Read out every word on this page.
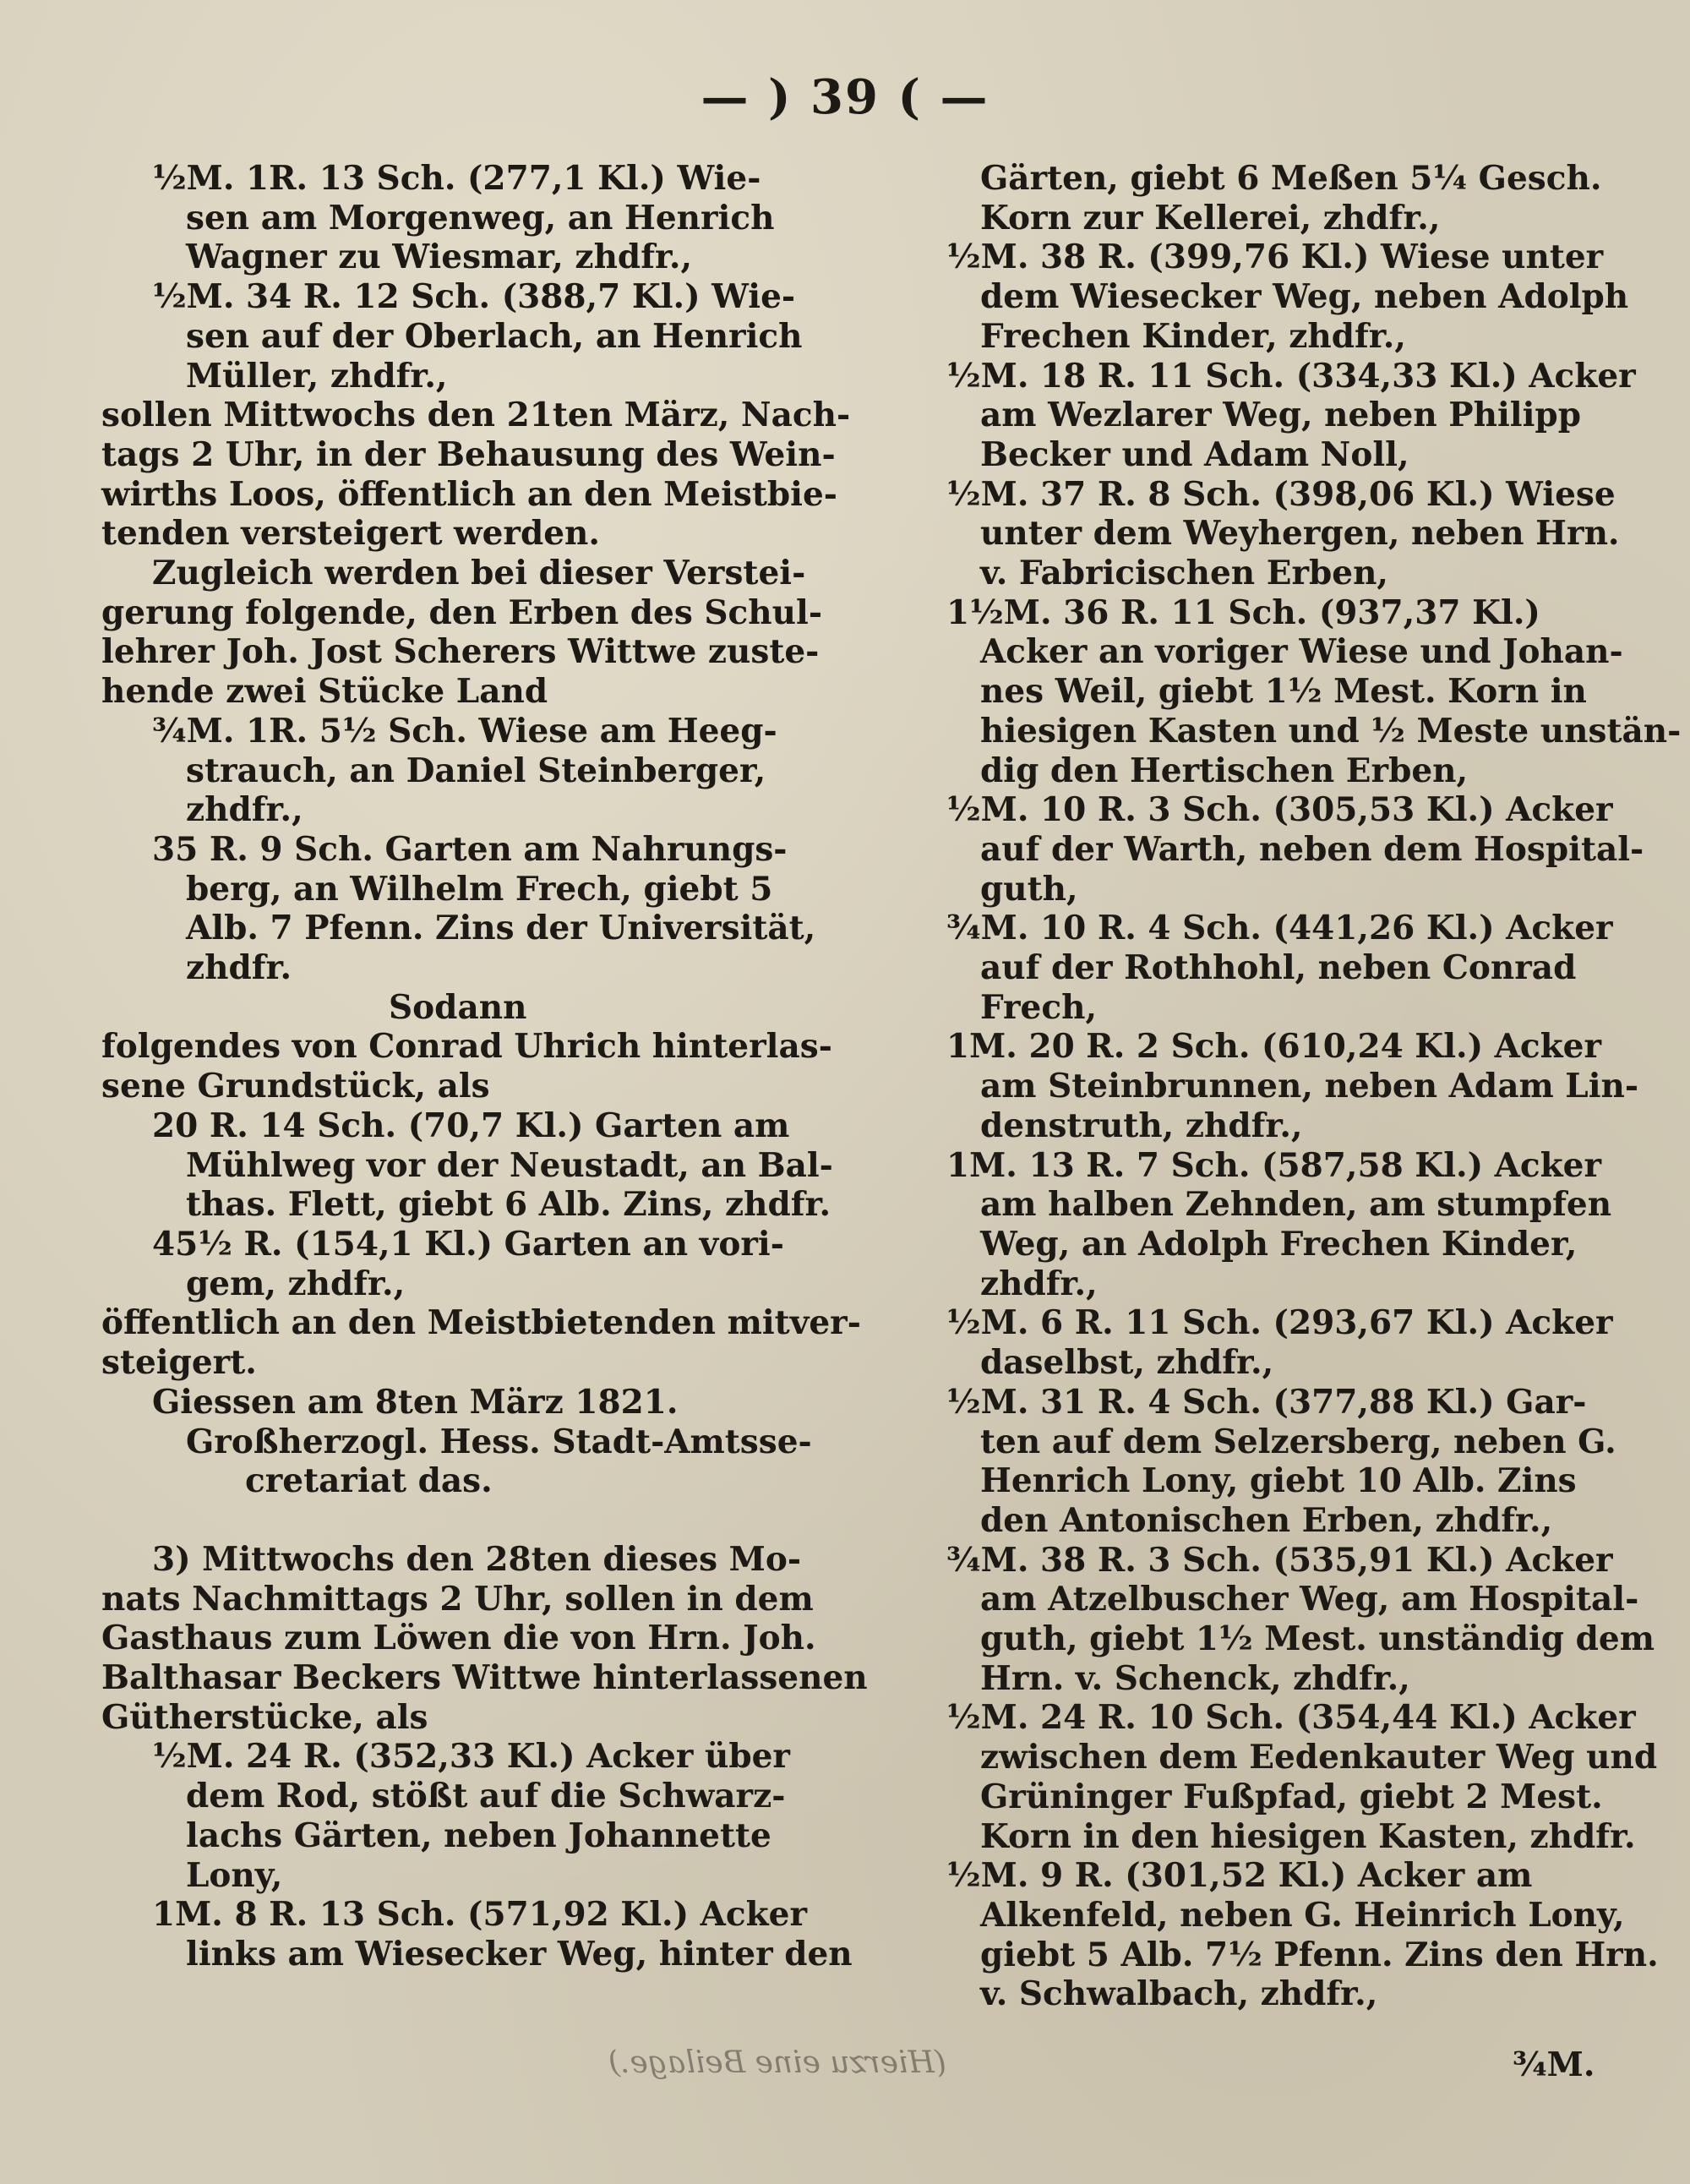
— ) 39 ( —
½M. 1R. 13 Sch. (277,1 Kl.) Wie-
sen am Morgenweg, an Henrich
Wagner zu Wiesmar, zhdfr.,
½M. 34 R. 12 Sch. (388,7 Kl.) Wie-
sen auf der Oberlach, an Henrich
Müller, zhdfr.,
sollen Mittwochs den 21ten März, Nach-
tags 2 Uhr, in der Behausung des Wein-
wirths Loos, öffentlich an den Meistbie-
tenden versteigert werden.
Zugleich werden bei dieser Verstei-
gerung folgende, den Erben des Schul-
lehrer Joh. Jost Scherers Wittwe zuste-
hende zwei Stücke Land
¾M. 1R. 5½ Sch. Wiese am Heeg-
strauch, an Daniel Steinberger,
zhdfr.,
35 R. 9 Sch. Garten am Nahrungs-
berg, an Wilhelm Frech, giebt 5
Alb. 7 Pfenn. Zins der Universität,
zhdfr.
Sodann
folgendes von Conrad Uhrich hinterlas-
sene Grundstück, als
20 R. 14 Sch. (70,7 Kl.) Garten am
Mühlweg vor der Neustadt, an Bal-
thas. Flett, giebt 6 Alb. Zins, zhdfr.
45½ R. (154,1 Kl.) Garten an vori-
gem, zhdfr.,
öffentlich an den Meistbietenden mitver-
steigert.
Giessen am 8ten März 1821.
Großherzogl. Hess. Stadt-Amtsse-
cretariat das.
3) Mittwochs den 28ten dieses Mo-
nats Nachmittags 2 Uhr, sollen in dem
Gasthaus zum Löwen die von Hrn. Joh.
Balthasar Beckers Wittwe hinterlassenen
Gütherstücke, als
½M. 24 R. (352,33 Kl.) Acker über
dem Rod, stößt auf die Schwarz-
lachs Gärten, neben Johannette
Lony,
1M. 8 R. 13 Sch. (571,92 Kl.) Acker
links am Wiesecker Weg, hinter den
Gärten, giebt 6 Meßen 5¼ Gesch.
Korn zur Kellerei, zhdfr.,
½M. 38 R. (399,76 Kl.) Wiese unter
dem Wiesecker Weg, neben Adolph
Frechen Kinder, zhdfr.,
½M. 18 R. 11 Sch. (334,33 Kl.) Acker
am Wezlarer Weg, neben Philipp
Becker und Adam Noll,
½M. 37 R. 8 Sch. (398,06 Kl.) Wiese
unter dem Weyhergen, neben Hrn.
v. Fabricischen Erben,
1½M. 36 R. 11 Sch. (937,37 Kl.)
Acker an voriger Wiese und Johan-
nes Weil, giebt 1½ Mest. Korn in
hiesigen Kasten und ½ Meste unstän-
dig den Hertischen Erben,
½M. 10 R. 3 Sch. (305,53 Kl.) Acker
auf der Warth, neben dem Hospital-
guth,
¾M. 10 R. 4 Sch. (441,26 Kl.) Acker
auf der Rothhohl, neben Conrad
Frech,
1M. 20 R. 2 Sch. (610,24 Kl.) Acker
am Steinbrunnen, neben Adam Lin-
denstruth, zhdfr.,
1M. 13 R. 7 Sch. (587,58 Kl.) Acker
am halben Zehnden, am stumpfen
Weg, an Adolph Frechen Kinder,
zhdfr.,
½M. 6 R. 11 Sch. (293,67 Kl.) Acker
daselbst, zhdfr.,
½M. 31 R. 4 Sch. (377,88 Kl.) Gar-
ten auf dem Selzersberg, neben G.
Henrich Lony, giebt 10 Alb. Zins
den Antonischen Erben, zhdfr.,
¾M. 38 R. 3 Sch. (535,91 Kl.) Acker
am Atzelbuscher Weg, am Hospital-
guth, giebt 1½ Mest. unständig dem
Hrn. v. Schenck, zhdfr.,
½M. 24 R. 10 Sch. (354,44 Kl.) Acker
zwischen dem Eedenkauter Weg und
Grüninger Fußpfad, giebt 2 Mest.
Korn in den hiesigen Kasten, zhdfr.
½M. 9 R. (301,52 Kl.) Acker am
Alkenfeld, neben G. Heinrich Lony,
giebt 5 Alb. 7½ Pfenn. Zins den Hrn.
v. Schwalbach, zhdfr.,
(Hierzu eine Beilage.)	¾M.
